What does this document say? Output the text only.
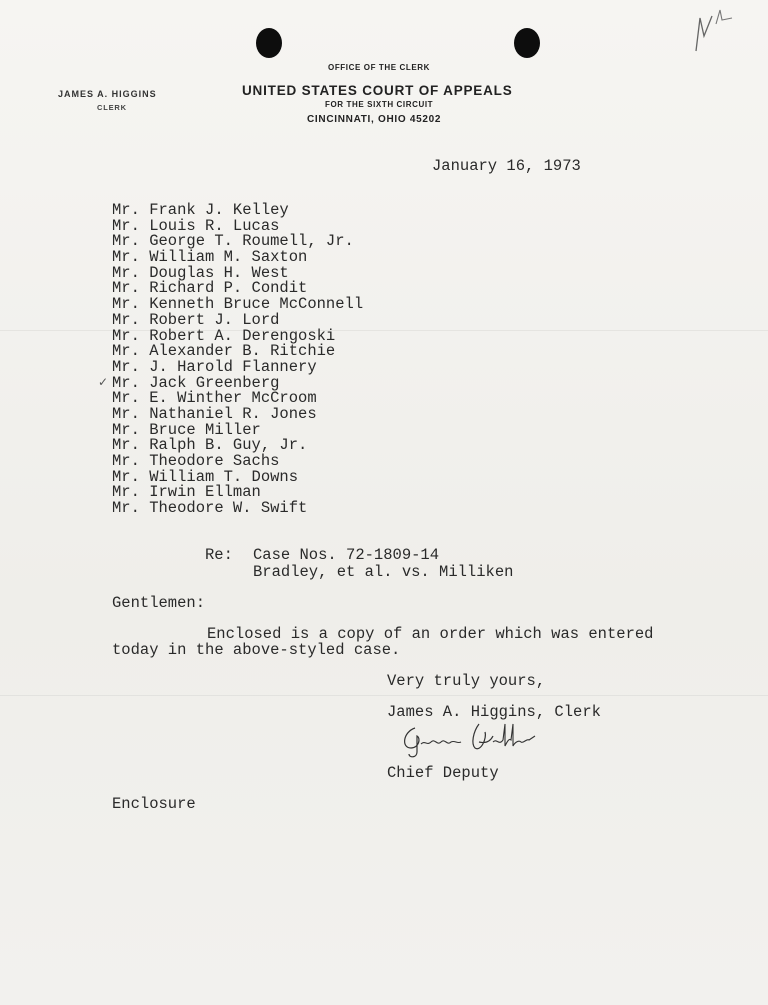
OFFICE OF THE CLERK
UNITED STATES COURT OF APPEALS
FOR THE SIXTH CIRCUIT
CINCINNATI, OHIO 45202
JAMES A. HIGGINS
CLERK
January 16, 1973
Mr. Frank J. Kelley
Mr. Louis R. Lucas
Mr. George T. Roumell, Jr.
Mr. William M. Saxton
Mr. Douglas H. West
Mr. Richard P. Condit
Mr. Kenneth Bruce McConnell
Mr. Robert J. Lord
Mr. Robert A. Derengoski
Mr. Alexander B. Ritchie
Mr. J. Harold Flannery
Mr. Jack Greenberg
Mr. E. Winther McCroom
Mr. Nathaniel R. Jones
Mr. Bruce Miller
Mr. Ralph B. Guy, Jr.
Mr. Theodore Sachs
Mr. William T. Downs
Mr. Irwin Ellman
Mr. Theodore W. Swift
✓
Re: Case Nos. 72-1809-14
Bradley, et al. vs. Milliken
Gentlemen:
Enclosed is a copy of an order which was entered
today in the above-styled case.
Very truly yours,
James A. Higgins, Clerk
Grace Keller
Chief Deputy
Enclosure
